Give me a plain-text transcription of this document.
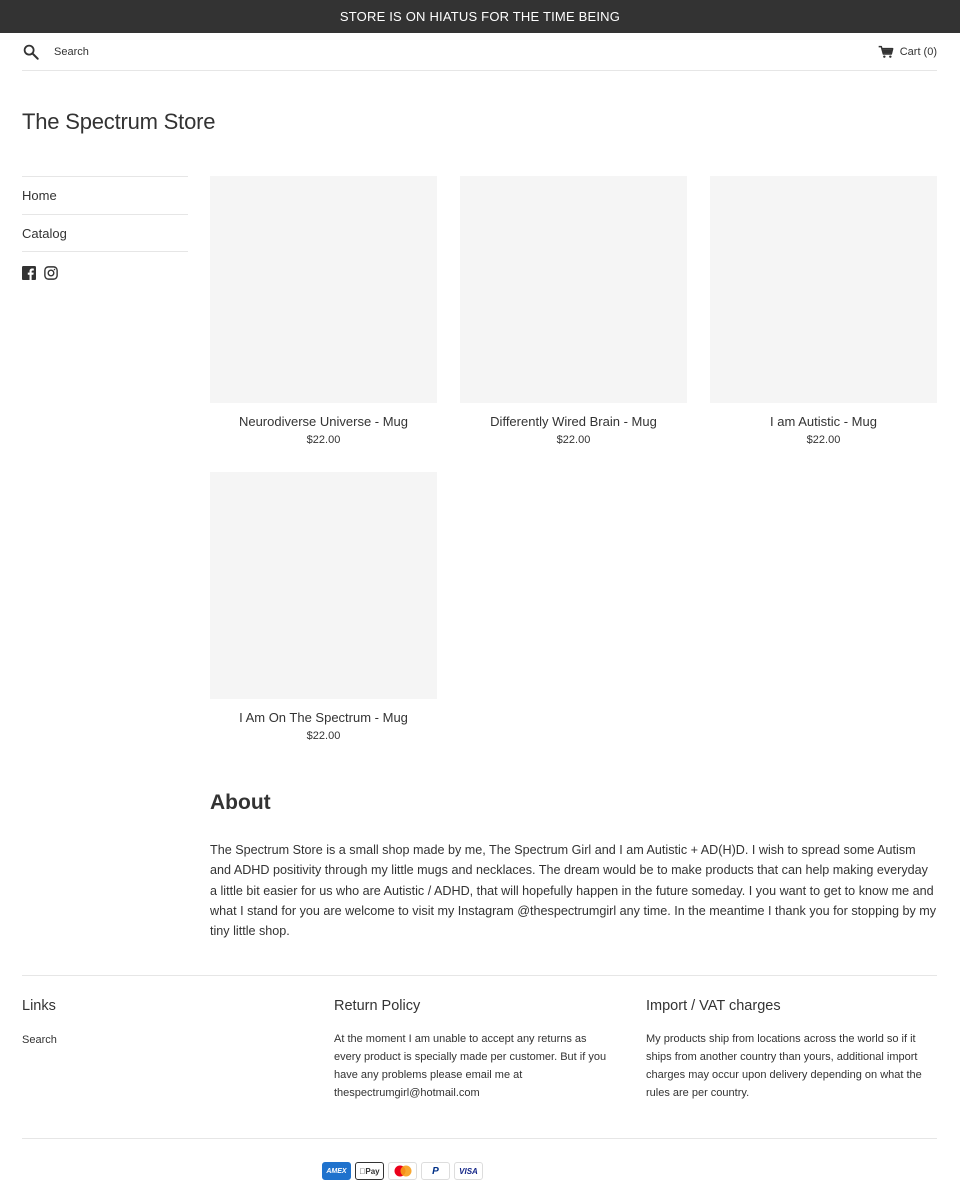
STORE IS ON HIATUS FOR THE TIME BEING
Search
Cart (0)
The Spectrum Store
Home
Catalog
Neurodiverse Universe - Mug
$22.00
Differently Wired Brain - Mug
$22.00
I am Autistic - Mug
$22.00
I Am On The Spectrum - Mug
$22.00
About

The Spectrum Store is a small shop made by me, The Spectrum Girl and I am Autistic + AD(H)D. I wish to spread some Autism and ADHD positivity through my little mugs and necklaces. The dream would be to make products that can help making everyday a little bit easier for us who are Autistic / ADHD, that will hopefully happen in the future someday. I you want to get to know me and what I stand for you are welcome to visit my Instagram @thespectrumgirl any time. In the meantime I thank you for stopping by my tiny little shop.

Links
Search
Return Policy
At the moment I am unable to accept any returns as every product is specially made per customer. But if you have any problems please email me at thespectrumgirl@hotmail.com
Import / VAT charges
My products ship from locations across the world so if it ships from another country than yours, additional import charges may occur upon delivery depending on what the rules are per country.
AMEX Pay	P	VISA
